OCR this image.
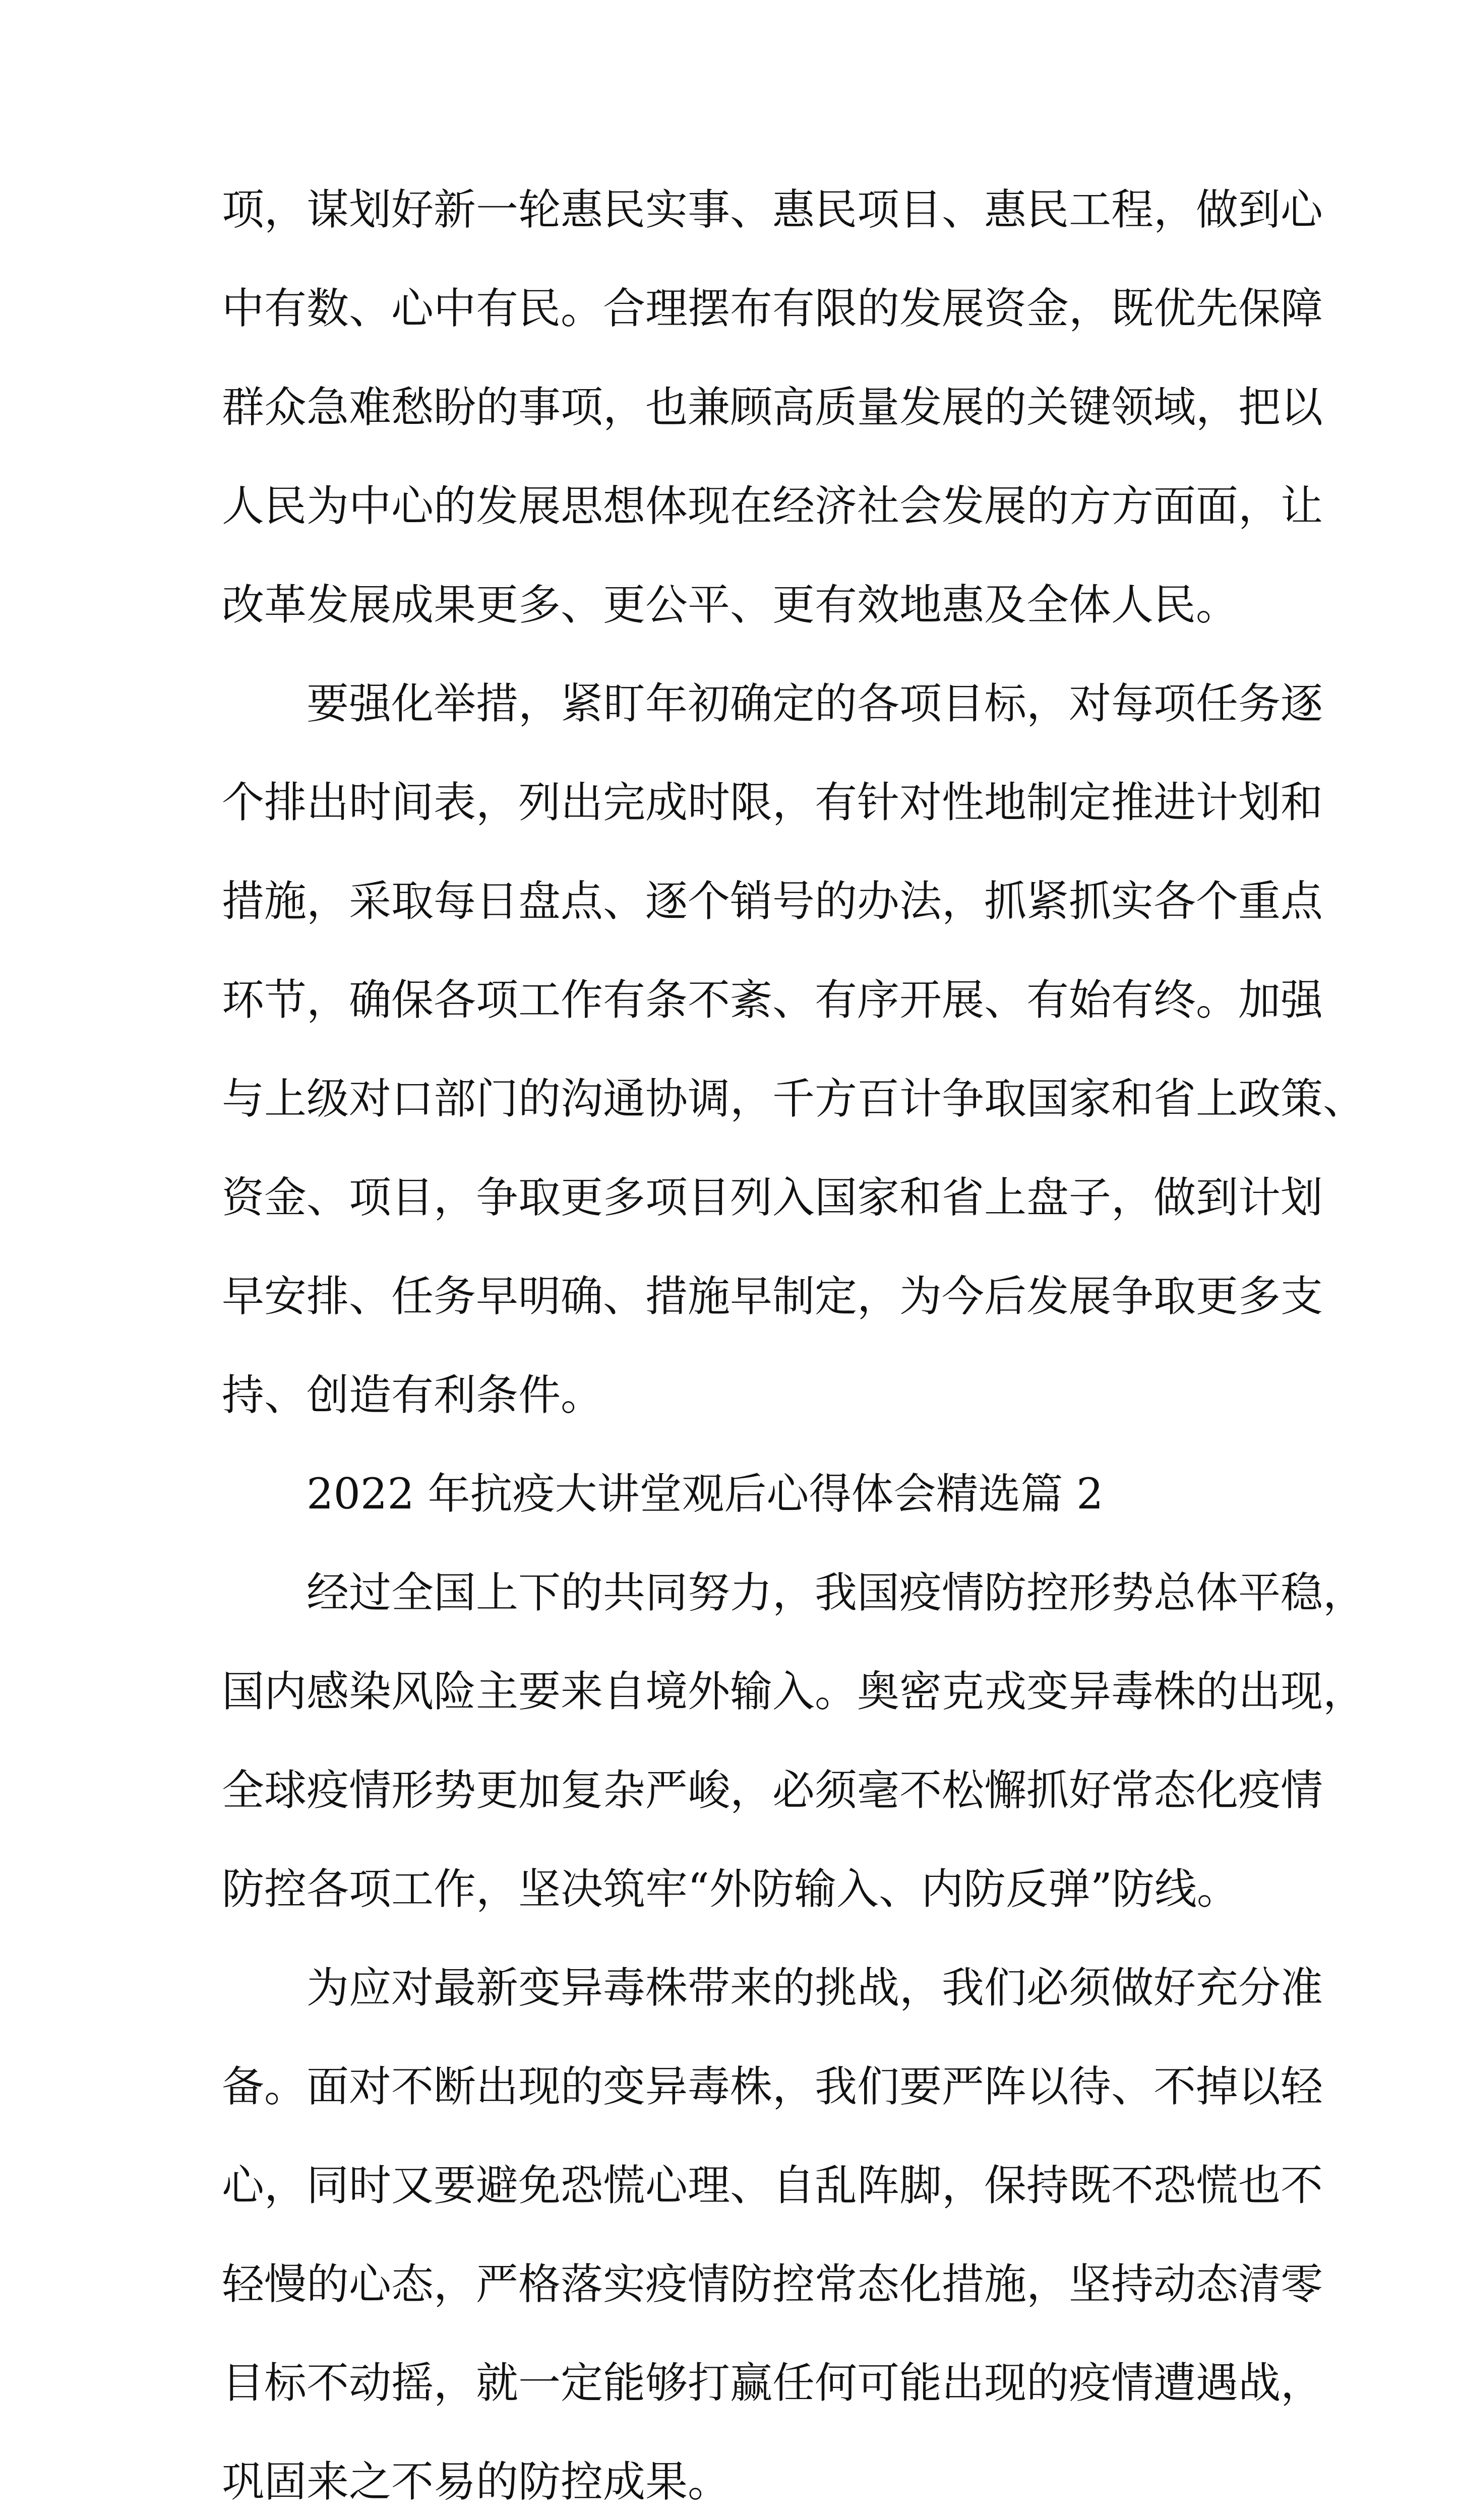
项，谋划好新一轮惠民实事、惠民项目、惠民工程，做到心
中有数、心中有民。合理摆布有限的发展资金，既优先保障
群众急难愁盼的事项，也兼顾高质量发展的关键领域，把以
人民为中心的发展思想体现在经济社会发展的方方面面，让
改革发展成果更多、更公平、更有效地惠及全体人民。
要强化举措，紧盯年初确定的各项目标，对每项任务逐
个排出时间表，列出完成时限，有针对性地制定推进计划和
措施，采取每日盘点、逐个销号的办法，抓紧抓实各个重点
环节，确保各项工作有条不紊、有序开展、有始有终。加强
与上级对口部门的沟通协调，千方百计争取国家和省上政策、
资金、项目，争取更多项目列入国家和省上盘子，做到计划
早安排、任务早明确、措施早制定，为今后发展争取更多支
持、创造有利条件。
2022 年抗疫大讲堂观后心得体会精选篇 2
经过全国上下的共同努力，我国疫情防控形势总体平稳，
国内感染风险主要来自境外输入。奥密克戎变异毒株的出现，
全球疫情形势更加复杂严峻，必须毫不松懈抓好常态化疫情
防控各项工作，坚决筑牢“外防输入、内防反弹”防线。
为应对最新变异毒株带来的挑战，我们必须做好充分准
备。面对不断出现的变异毒株，我们要严阵以待、不掉以轻
心，同时又要避免恐慌心理、自乱阵脚，保持既不恐慌也不
轻慢的心态，严格落实疫情防控常态化措施，坚持动态清零
目标不动摇，就一定能够打赢任何可能出现的疫情遭遇战，
巩固来之不易的防控成果。
